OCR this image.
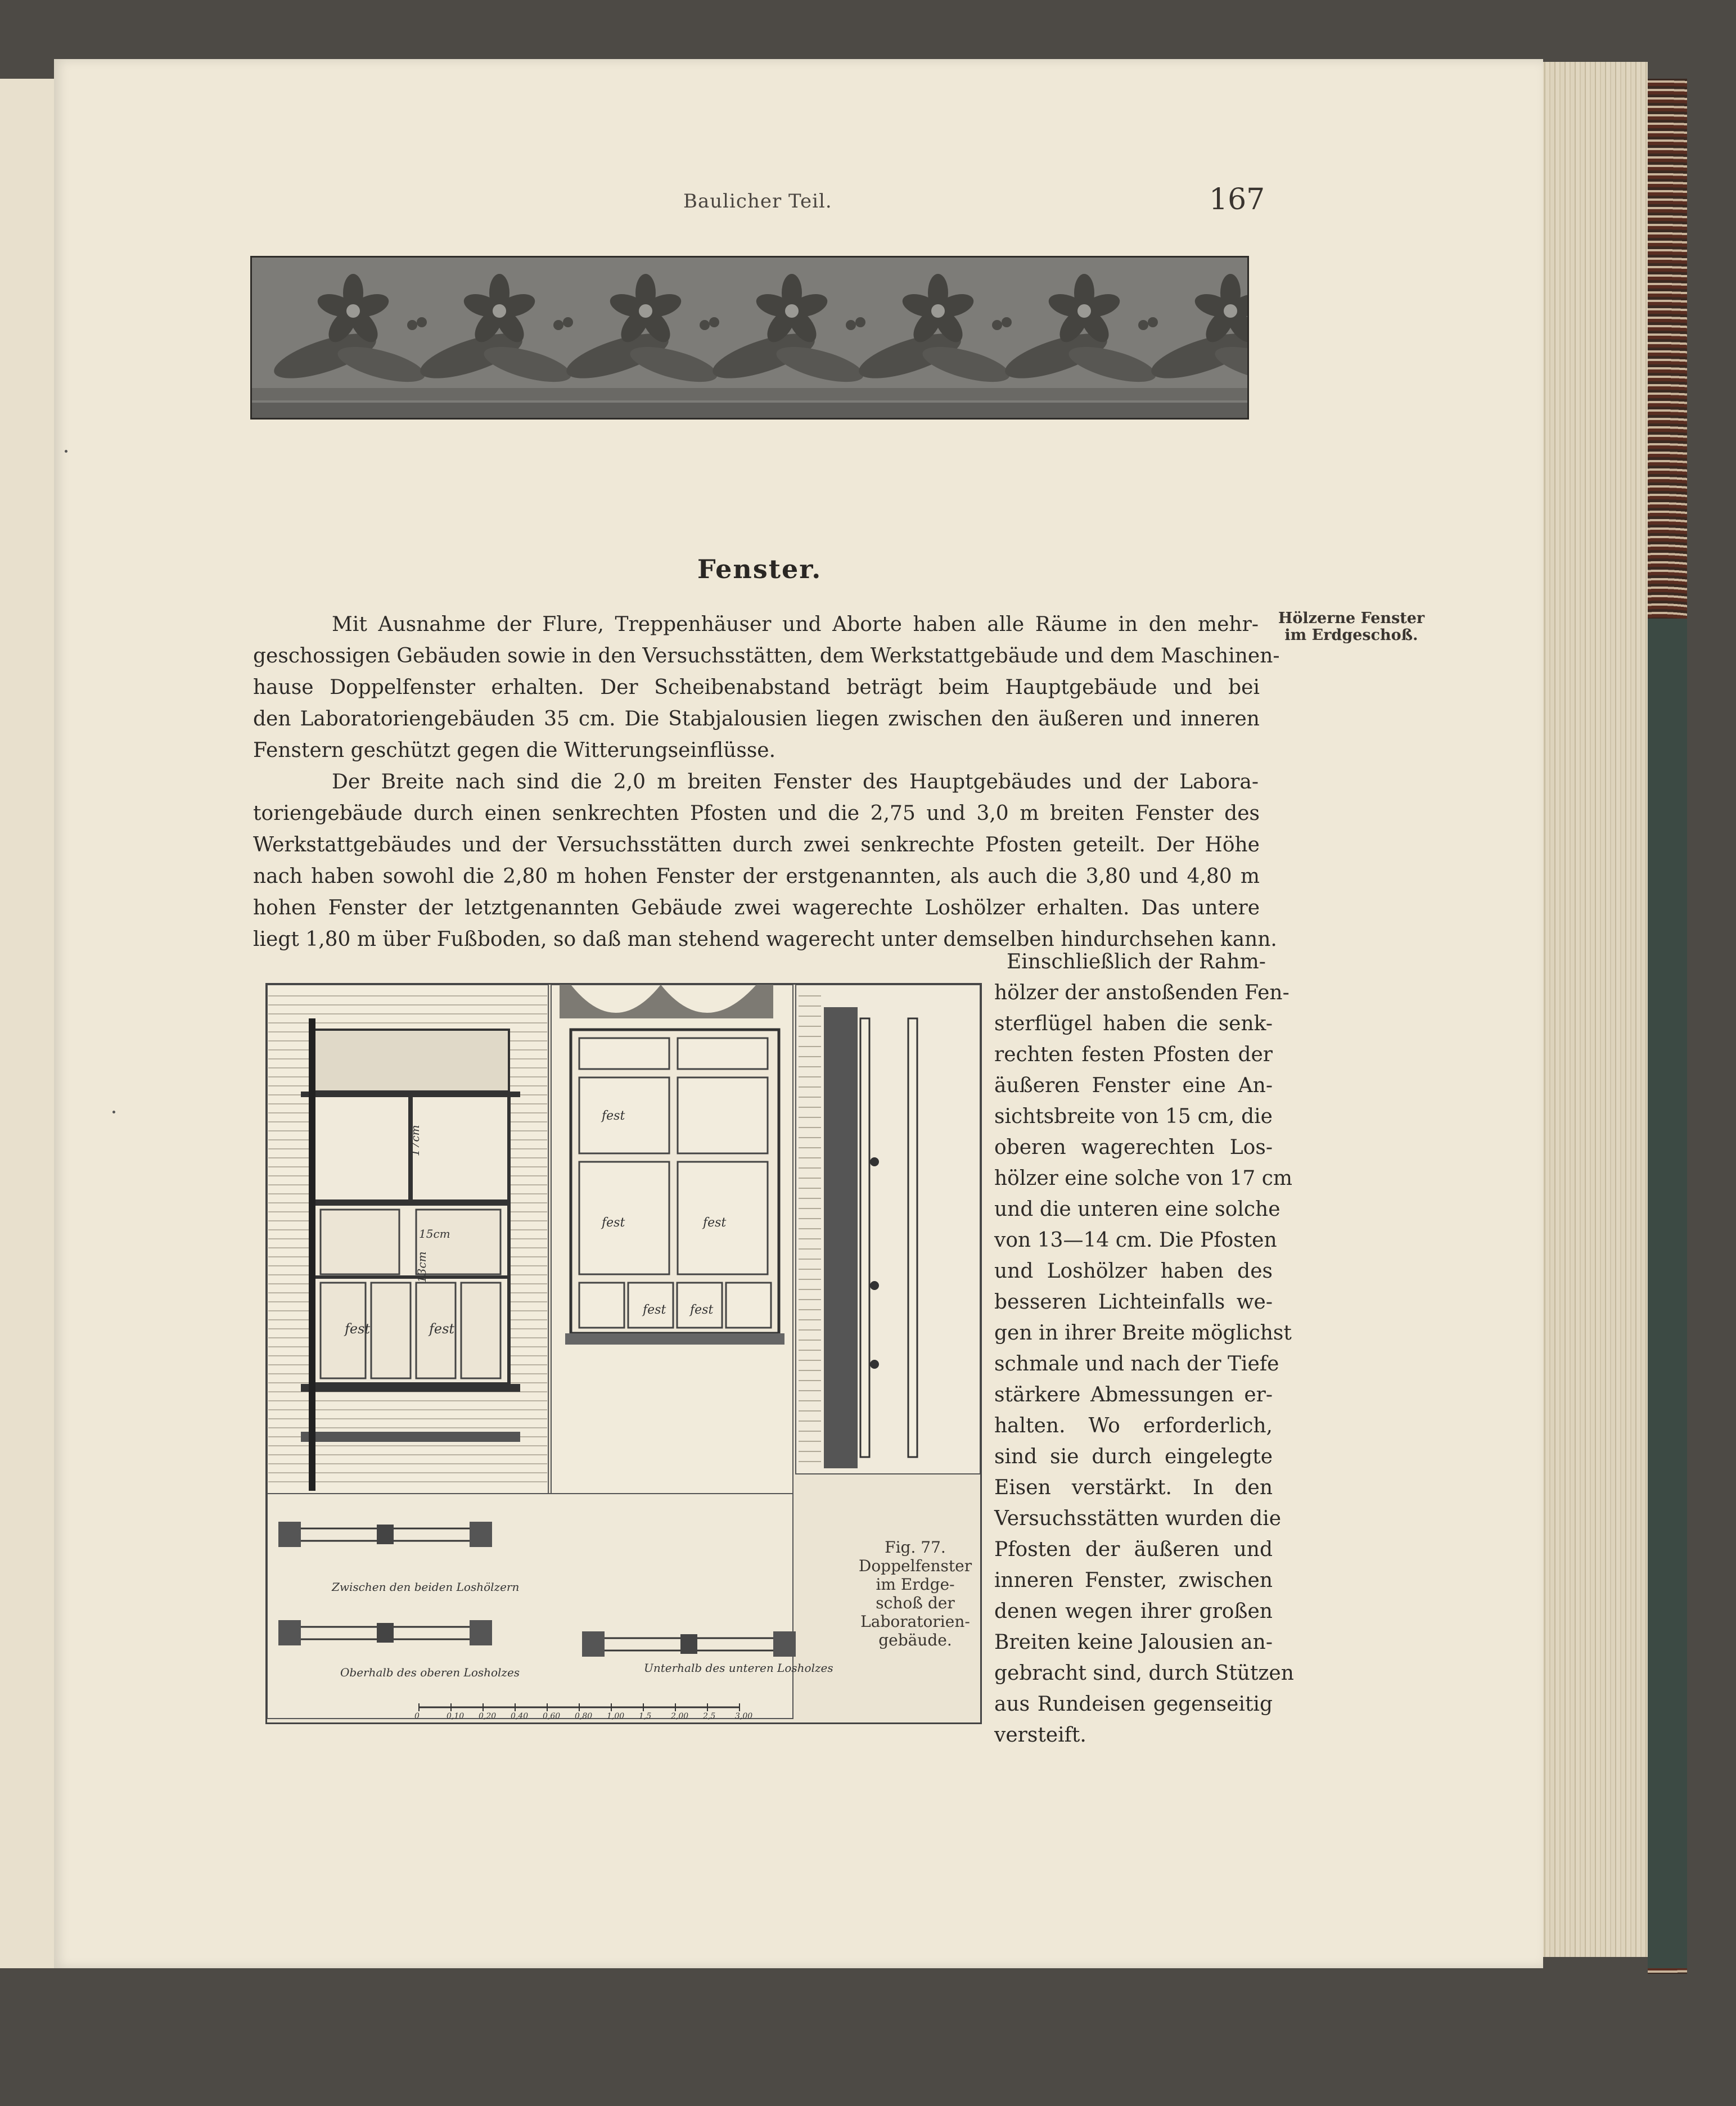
Baulicher Teil.	167
Fenster.
Hölzerne Fenster
im Erdgeschoß.
Mit Ausnahme der Flure, Treppenhäuser und Aborte haben alle Räume in den mehr-
geschossigen Gebäuden sowie in den Versuchsstätten, dem Werkstattgebäude und dem Maschinen-
hause Doppelfenster erhalten. Der Scheibenabstand beträgt beim Hauptgebäude und bei
den Laboratoriengebäuden 35 cm. Die Stabjalousien liegen zwischen den äußeren und inneren
Fenstern geschützt gegen die Witterungseinflüsse.
Der Breite nach sind die 2,0 m breiten Fenster des Hauptgebäudes und der Labora-
toriengebäude durch einen senkrechten Pfosten und die 2,75 und 3,0 m breiten Fenster des
Werkstattgebäudes und der Versuchsstätten durch zwei senkrechte Pfosten geteilt. Der Höhe
nach haben sowohl die 2,80 m hohen Fenster der erstgenannten, als auch die 3,80 und 4,80 m
hohen Fenster der letztgenannten Gebäude zwei wagerechte Loshölzer erhalten. Das untere
liegt 1,80 m über Fußboden, so daß man stehend wagerecht unter demselben hindurchsehen kann.
Einschließlich der Rahm-
hölzer der anstoßenden Fen-
sterflügel haben die senk-
rechten festen Pfosten der
äußeren Fenster eine An-
sichtsbreite von 15 cm, die
oberen wagerechten Los-
hölzer eine solche von 17 cm
und die unteren eine solche
von 13—14 cm. Die Pfosten
und Loshölzer haben des
besseren Lichteinfalls we-
gen in ihrer Breite möglichst
schmale und nach der Tiefe
stärkere Abmessungen er-
halten. Wo erforderlich,
sind sie durch eingelegte
Eisen verstärkt. In den
Versuchsstätten wurden die
Pfosten der äußeren und
inneren Fenster, zwischen
denen wegen ihrer großen
Breiten keine Jalousien an-
gebracht sind, durch Stützen
aus Rundeisen gegenseitig
versteift.
fest	fest
17cm
15cm
13cm
fest
fest	fest
fest fest
Zwischen den beiden Loshölzern
Oberhalb des oberen Losholzes	Unterhalb des unteren Losholzes
0	0,10 0,20 0,40 0,60 0,80 1,00 1,5 2,00 2,5 3,00
Fig. 77.
Doppelfenster
im Erdge-
schoß der
Laboratorien-
gebäude.
